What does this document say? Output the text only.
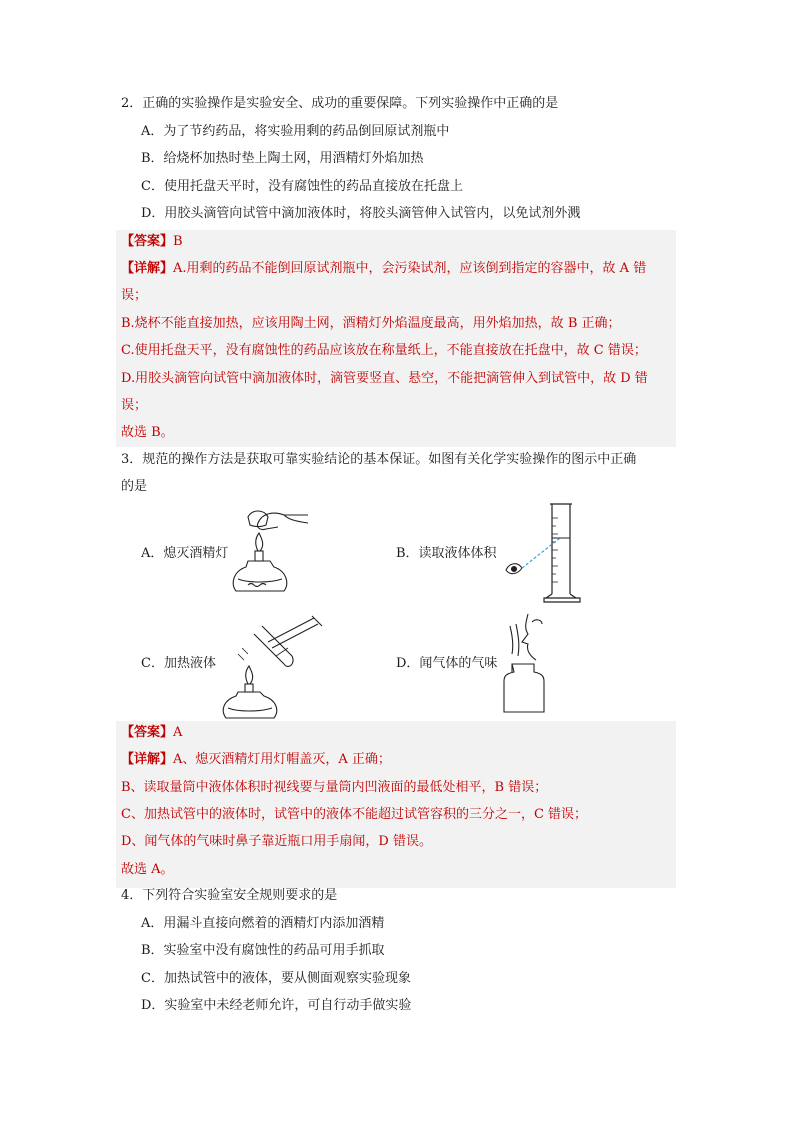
2．正确的实验操作是实验安全、成功的重要保障。下列实验操作中正确的是
A．为了节约药品，将实验用剩的药品倒回原试剂瓶中
B．给烧杯加热时垫上陶土网，用酒精灯外焰加热
C．使用托盘天平时，没有腐蚀性的药品直接放在托盘上
D．用胶头滴管向试管中滴加液体时，将胶头滴管伸入试管内，以免试剂外溅
【答案】B
【详解】A.用剩的药品不能倒回原试剂瓶中，会污染试剂，应该倒到指定的容器中，故 A 错
误；
B.烧杯不能直接加热，应该用陶土网，酒精灯外焰温度最高，用外焰加热，故 B 正确；
C.使用托盘天平，没有腐蚀性的药品应该放在称量纸上，不能直接放在托盘中，故 C 错误；
D.用胶头滴管向试管中滴加液体时，滴管要竖直、悬空，不能把滴管伸入到试管中，故 D 错
误；
故选 B。
3．规范的操作方法是获取可靠实验结论的基本保证。如图有关化学实验操作的图示中正确
的是
A．熄灭酒精灯	B．读取液体体积
C．加热液体	D．闻气体的气味
【答案】A
【详解】A、熄灭酒精灯用灯帽盖灭，A 正确；
B、读取量筒中液体体积时视线要与量筒内凹液面的最低处相平，B 错误；
C、加热试管中的液体时，试管中的液体不能超过试管容积的三分之一，C 错误；
D、闻气体的气味时鼻子靠近瓶口用手扇闻，D 错误。
故选 A。
4．下列符合实验室安全规则要求的是
A．用漏斗直接向燃着的酒精灯内添加酒精
B．实验室中没有腐蚀性的药品可用手抓取
C．加热试管中的液体，要从侧面观察实验现象
D．实验室中未经老师允许，可自行动手做实验
